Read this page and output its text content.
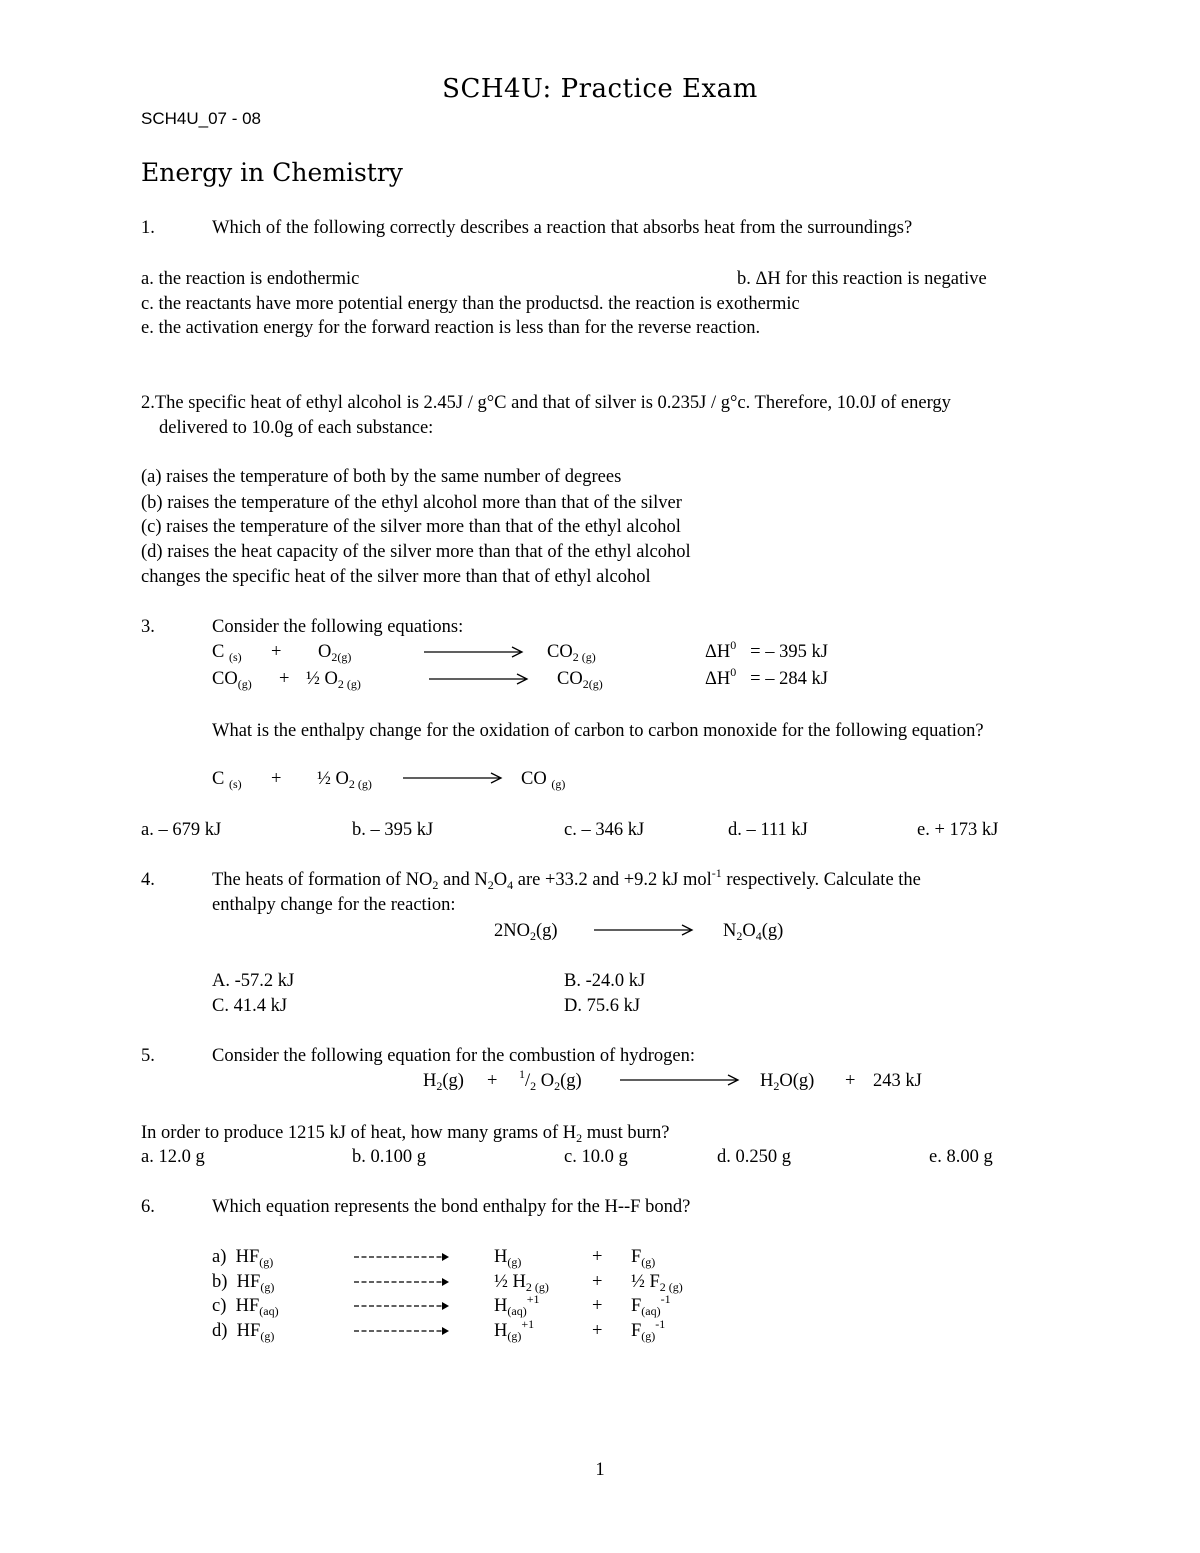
SCH4U: Practice Exam
SCH4U_07 - 08
Energy in Chemistry
1.	Which of the following correctly describes a reaction that absorbs heat from the surroundings?
a. the reaction is endothermic	b. ΔH for this reaction is negative
c. the reactants have more potential energy than the productsd. the reaction is exothermic
e. the activation energy for the forward reaction is less than for the reverse reaction.
2.The specific heat of ethyl alcohol is 2.45J / g°C and that of silver is 0.235J / g°c. Therefore, 10.0J of energy
delivered to 10.0g of each substance:
(a) raises the temperature of both by the same number of degrees
(b) raises the temperature of the ethyl alcohol more than that of the silver
(c) raises the temperature of the silver more than that of the ethyl alcohol
(d) raises the heat capacity of the silver more than that of the ethyl alcohol
changes the specific heat of the silver more than that of ethyl alcohol
3.	Consider the following equations:
C $_{(s)} + O_{2(g)}$	$CO_{2 (g)}$	$\Delta H^0$ = – 395 kJ
$CO_{(g)}$ + ½ $O_{2 (g)}$	$CO_{2(g)}$	$\Delta H^0$ = – 284 kJ
What is the enthalpy change for the oxidation of carbon to carbon monoxide for the following equation?
C $_{(s)}$ + ½ $O_{2 (g)}$	CO $_{(g)}$
a. – 679 kJ	b. – 395 kJ	c. – 346 kJ	d. – 111 kJ	e. + 173 kJ
4.	The heats of formation of $NO_2$ and $N_2O_4$ are +33.2 and +9.2 kJ mol$^{-1}$ respectively. Calculate the
enthalpy change for the reaction:
$2NO_2(g)$	$N_2O_4(g)$
A. -57.2 kJ	B. -24.0 kJ
C. 41.4 kJ	D. 75.6 kJ
5.	Consider the following equation for the combustion of hydrogen:
$H_2(g) + ^1/_2$ $O_2(g)$	$H_2O(g) + 243$ kJ
In order to produce 1215 kJ of heat, how many grams of $H_2$ must burn?
a. 12.0 g	b. 0.100 g	c. 10.0 g	d. 0.250 g	e. 8.00 g
6.	Which equation represents the bond enthalpy for the H--F bond?
a) $HF_{(g)}$	$H_{(g)}$	+ $F_{(g)}$
b) $HF_{(g)}$	½ $H_{2 (g)}$ + ½ $F_{2 (g)}$
c) $HF_{(aq)}$	$H_{(aq)}^{+1}$	+ $F_{(aq)}^{-1}$
d) $HF_{(g)}$	$H_{(g)}^{+1}$	+ $F_{(g)}^{-1}$
1
